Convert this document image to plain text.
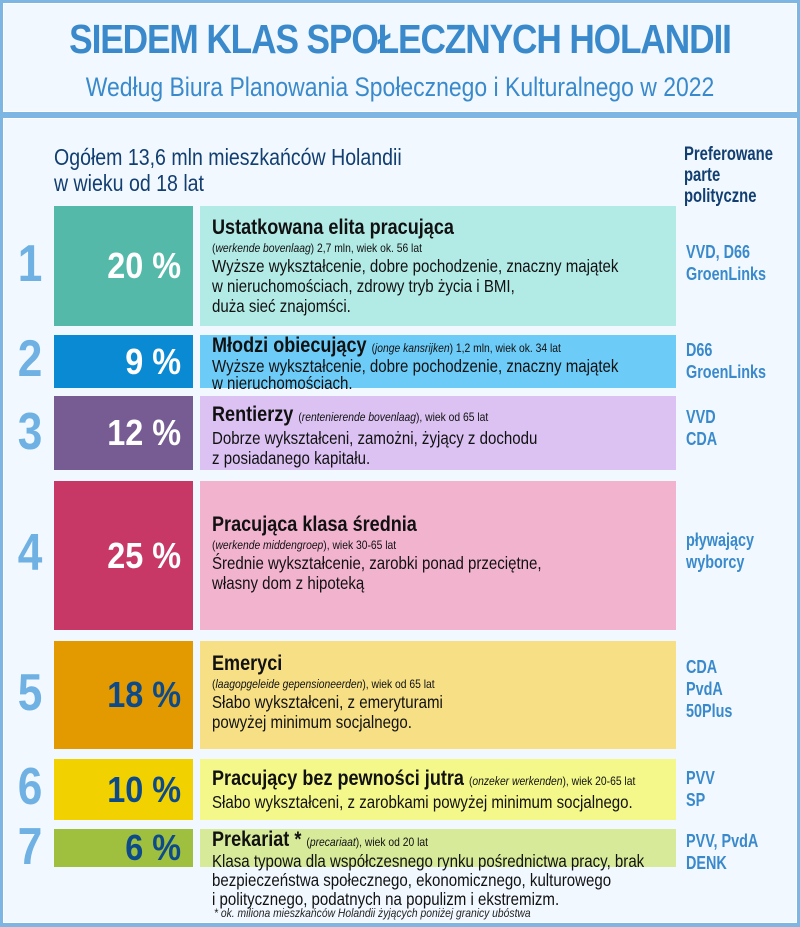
SIEDEM KLAS SPOŁECZNYCH HOLANDII
Według Biura Planowania Społecznego i Kulturalnego w 2022
Ogółem 13,6 mln mieszkańców Holandii
w wieku od 18 lat
Preferowane
parte
polityczne
1 20 %
Ustatkowana elita pracująca
(werkende bovenlaag) 2,7 mln, wiek ok. 56 lat
Wyższe wykształcenie, dobre pochodzenie, znaczny majątek
w nieruchomościach, zdrowy tryb życia i BMI,
duża sieć znajomści.
VVD, D66
GroenLinks
2 9 % Młodzi obiecujący (jonge kansrijken) 1,2 mln, wiek ok. 34 lat
Wyższe wykształcenie, dobre pochodzenie, znaczny majątek
w nieruchomościach.
D66
GroenLinks
3 12 % Rentierzy (rentenierende bovenlaag), wiek od 65 lat
Dobrze wykształceni, zamożni, żyjący z dochodu
z posiadanego kapitału.
VVD
CDA
4 25 %
Pracująca klasa średnia
(werkende middengroep), wiek 30-65 lat
Średnie wykształcenie, zarobki ponad przeciętne,
własny dom z hipoteką
pływający
wyborcy
5 18 %
Emeryci
(laagopgeleide gepensioneerden), wiek od 65 lat
Słabo wykształceni, z emeryturami
powyżej minimum socjalnego.
CDA
PvdA
50Plus
6 10 % Pracujący bez pewności jutra (onzeker werkenden), wiek 20-65 lat
Słabo wykształceni, z zarobkami powyżej minimum socjalnego.
PVV
SP
7 6 % Prekariat * (precariaat), wiek od 20 lat
Klasa typowa dla współczesnego rynku pośrednictwa pracy, brak
bezpieczeństwa społecznego, ekonomicznego, kulturowego
i politycznego, podatnych na populizm i ekstremizm.
PVV, PvdA
DENK
* ok. miliona mieszkańców Holandii żyjących poniżej granicy ubóstwa
